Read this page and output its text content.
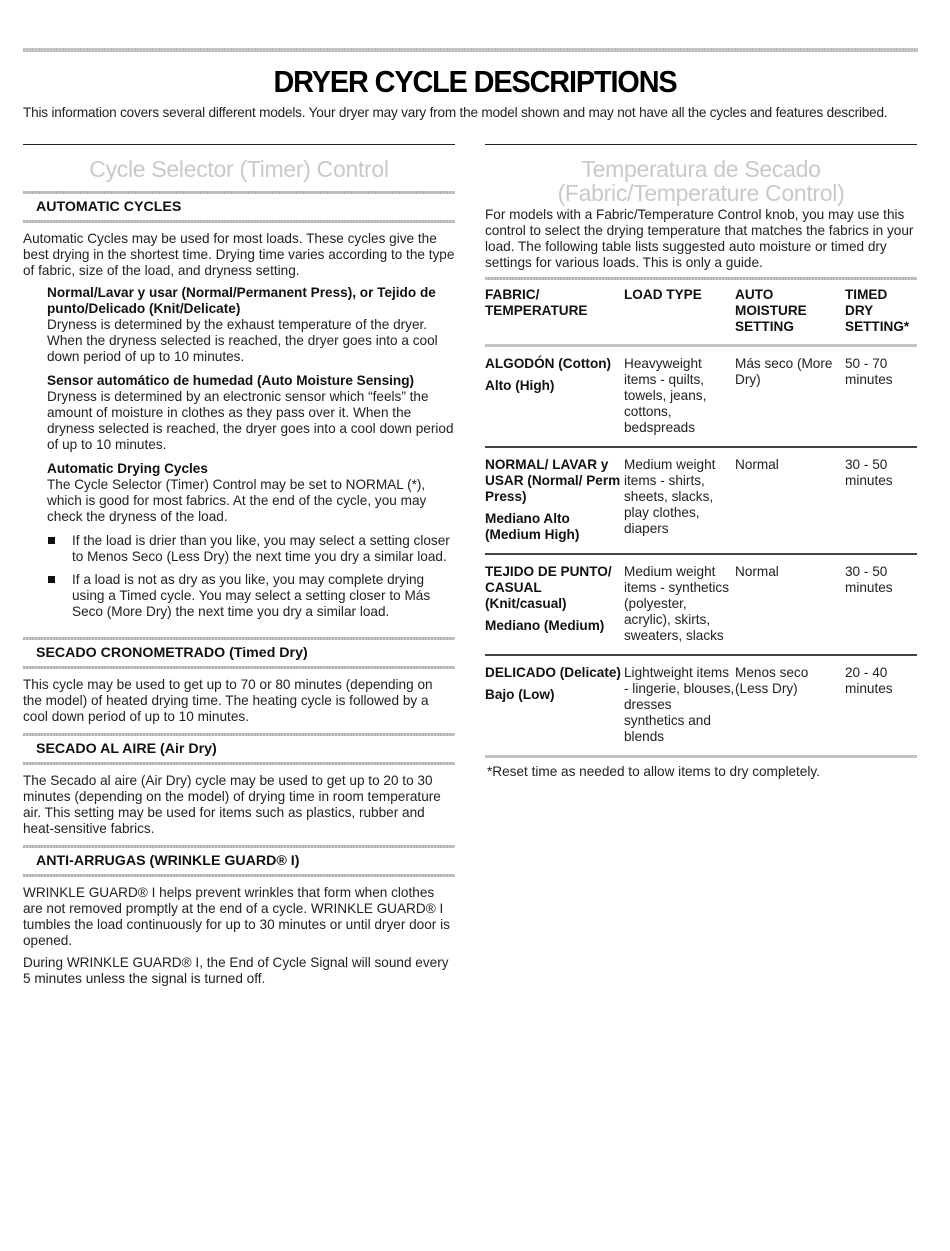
DRYER CYCLE DESCRIPTIONS
This information covers several different models. Your dryer may vary from the model shown and may not have all the cycles and features described.
Cycle Selector (Timer) Control
AUTOMATIC CYCLES

Automatic Cycles may be used for most loads. These cycles give the best drying in the shortest time. Drying time varies according to the type of fabric, size of the load, and dryness setting.

Normal/Lavar y usar (Normal/Permanent Press), or Tejido de punto/Delicado (Knit/Delicate)

Dryness is determined by the exhaust temperature of the dryer. When the dryness selected is reached, the dryer goes into a cool down period of up to 10 minutes.

Sensor automático de humedad (Auto Moisture Sensing)

Dryness is determined by an electronic sensor which “feels” the amount of moisture in clothes as they pass over it. When the dryness selected is reached, the dryer goes into a cool down period of up to 10 minutes.

Automatic Drying Cycles

The Cycle Selector (Timer) Control may be set to NORMAL (*), which is good for most fabrics. At the end of the cycle, you may check the dryness of the load.

If the load is drier than you like, you may select a setting closer to Menos Seco (Less Dry) the next time you dry a similar load.
If a load is not as dry as you like, you may complete drying using a Timed cycle. You may select a setting closer to Más Seco (More Dry) the next time you dry a similar load.
SECADO CRONOMETRADO (Timed Dry)

This cycle may be used to get up to 70 or 80 minutes (depending on the model) of heated drying time. The heating cycle is followed by a cool down period of up to 10 minutes.

SECADO AL AIRE (Air Dry)

The Secado al aire (Air Dry) cycle may be used to get up to 20 to 30 minutes (depending on the model) of drying time in room temperature air. This setting may be used for items such as plastics, rubber and heat-sensitive fabrics.

ANTI-ARRUGAS (WRINKLE GUARD® I)

WRINKLE GUARD® I helps prevent wrinkles that form when clothes are not removed promptly at the end of a cycle. WRINKLE GUARD® I tumbles the load continuously for up to 30 minutes or until dryer door is opened.

During WRINKLE GUARD® I, the End of Cycle Signal will sound every 5 minutes unless the signal is turned off.

Temperatura de Secado
(Fabric/Temperature Control)

For models with a Fabric/Temperature Control knob, you may use this control to select the drying temperature that matches the fabrics in your load. The following table lists suggested auto moisture or timed dry settings for various loads. This is only a guide.

FABRIC/ TEMPERATURE	LOAD TYPE	AUTO MOISTURE SETTING	TIMED DRY SETTING*

ALGODÓN (Cotton)
Alto (High)	Heavyweight items - quilts, towels, jeans, cottons, bedspreads	Más seco (More Dry)	50 - 70 minutes

NORMAL/ LAVAR y USAR (Normal/ Perm Press)
Mediano Alto (Medium High)	Medium weight items - shirts, sheets, slacks, play clothes, diapers	Normal	30 - 50 minutes

TEJIDO DE PUNTO/ CASUAL (Knit/casual)
Mediano (Medium)	Medium weight items - synthetics (polyester, acrylic), skirts, sweaters, slacks	Normal	30 - 50 minutes

DELICADO (Delicate)
Bajo (Low)	Lightweight items - lingerie, blouses, dresses synthetics and blends	Menos seco (Less Dry)	20 - 40 minutes
*Reset time as needed to allow items to dry completely.
